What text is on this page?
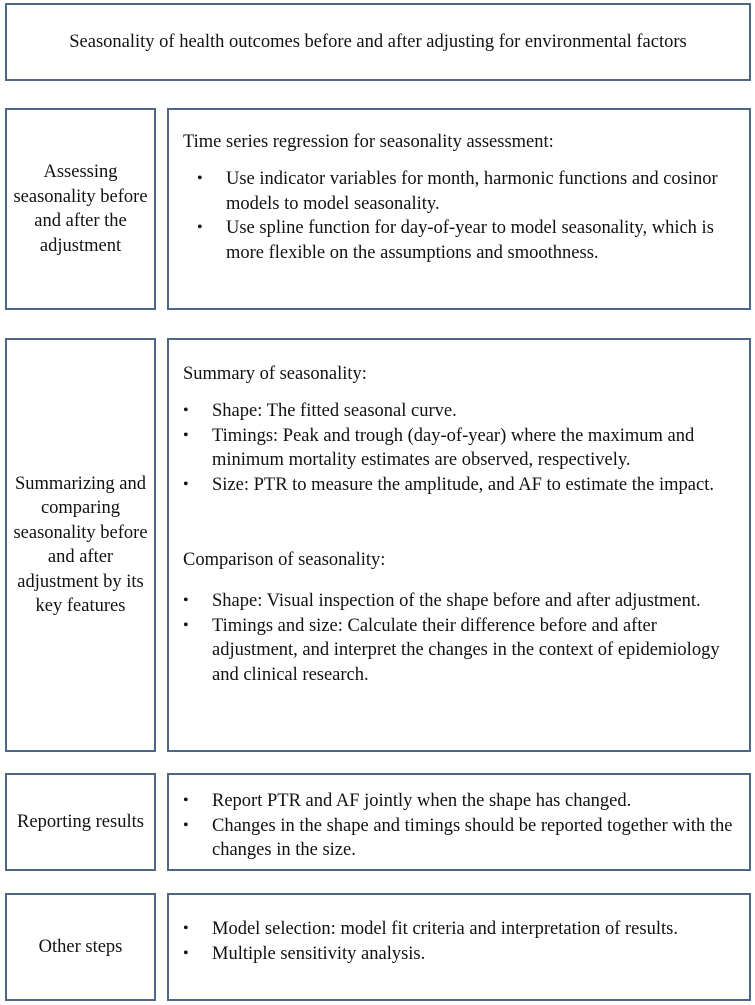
Seasonality of health outcomes before and after adjusting for environmental factors
Assessing seasonality before and after the adjustment
Time series regression for seasonality assessment:
• Use indicator variables for month, harmonic functions and cosinor models to model seasonality.
• Use spline function for day-of-year to model seasonality, which is more flexible on the assumptions and smoothness.
Summarizing and comparing seasonality before and after adjustment by its key features
Summary of seasonality:
• Shape: The fitted seasonal curve.
• Timings: Peak and trough (day-of-year) where the maximum and minimum mortality estimates are observed, respectively.
• Size: PTR to measure the amplitude, and AF to estimate the impact.
Comparison of seasonality:
• Shape: Visual inspection of the shape before and after adjustment.
• Timings and size: Calculate their difference before and after adjustment, and interpret the changes in the context of epidemiology and clinical research.
Reporting results
• Report PTR and AF jointly when the shape has changed.
• Changes in the shape and timings should be reported together with the changes in the size.
Other steps
• Model selection: model fit criteria and interpretation of results.
• Multiple sensitivity analysis.
